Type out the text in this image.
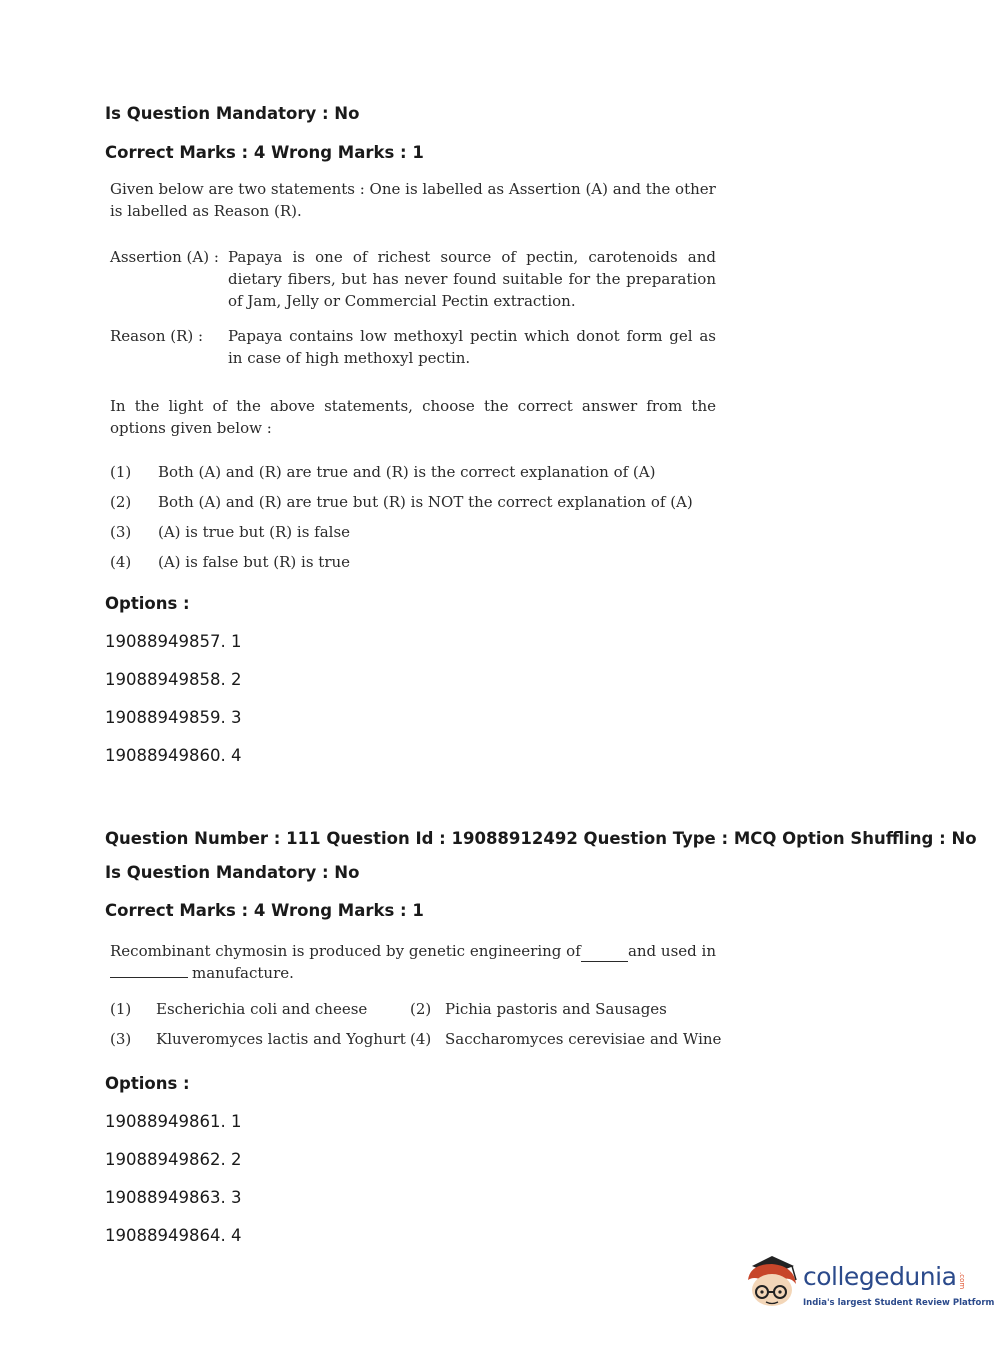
Is Question Mandatory : No
Correct Marks : 4 Wrong Marks : 1
Given below are two statements : One is labelled as Assertion (A) and the other is labelled as Reason (R).
Assertion (A) : Papaya is one of richest source of pectin, carotenoids and dietary fibers, but has never found suitable for the preparation of Jam, Jelly or Commercial Pectin extraction.
Reason (R) : Papaya contains low methoxyl pectin which donot form gel as in case of high methoxyl pectin.
In the light of the above statements, choose the correct answer from the options given below :
(1) Both (A) and (R) are true and (R) is the correct explanation of (A)
(2) Both (A) and (R) are true but (R) is NOT the correct explanation of (A)
(3) (A) is true but (R) is false
(4) (A) is false but (R) is true
Options :
19088949857. 1
19088949858. 2
19088949859. 3
19088949860. 4
Question Number : 111 Question Id : 19088912492 Question Type : MCQ Option Shuffling : No
Is Question Mandatory : No
Correct Marks : 4 Wrong Marks : 1
Recombinant chymosin is produced by genetic engineering of	and used in
manufacture.
(1) Escherichia coli and cheese	(2) Pichia pastoris and Sausages
(3) Kluveromyces lactis and Yoghurt (4) Saccharomyces cerevisiae and Wine
Options :
19088949861. 1
19088949862. 2
19088949863. 3
19088949864. 4
collegedunia .com
India's largest Student Review Platform
